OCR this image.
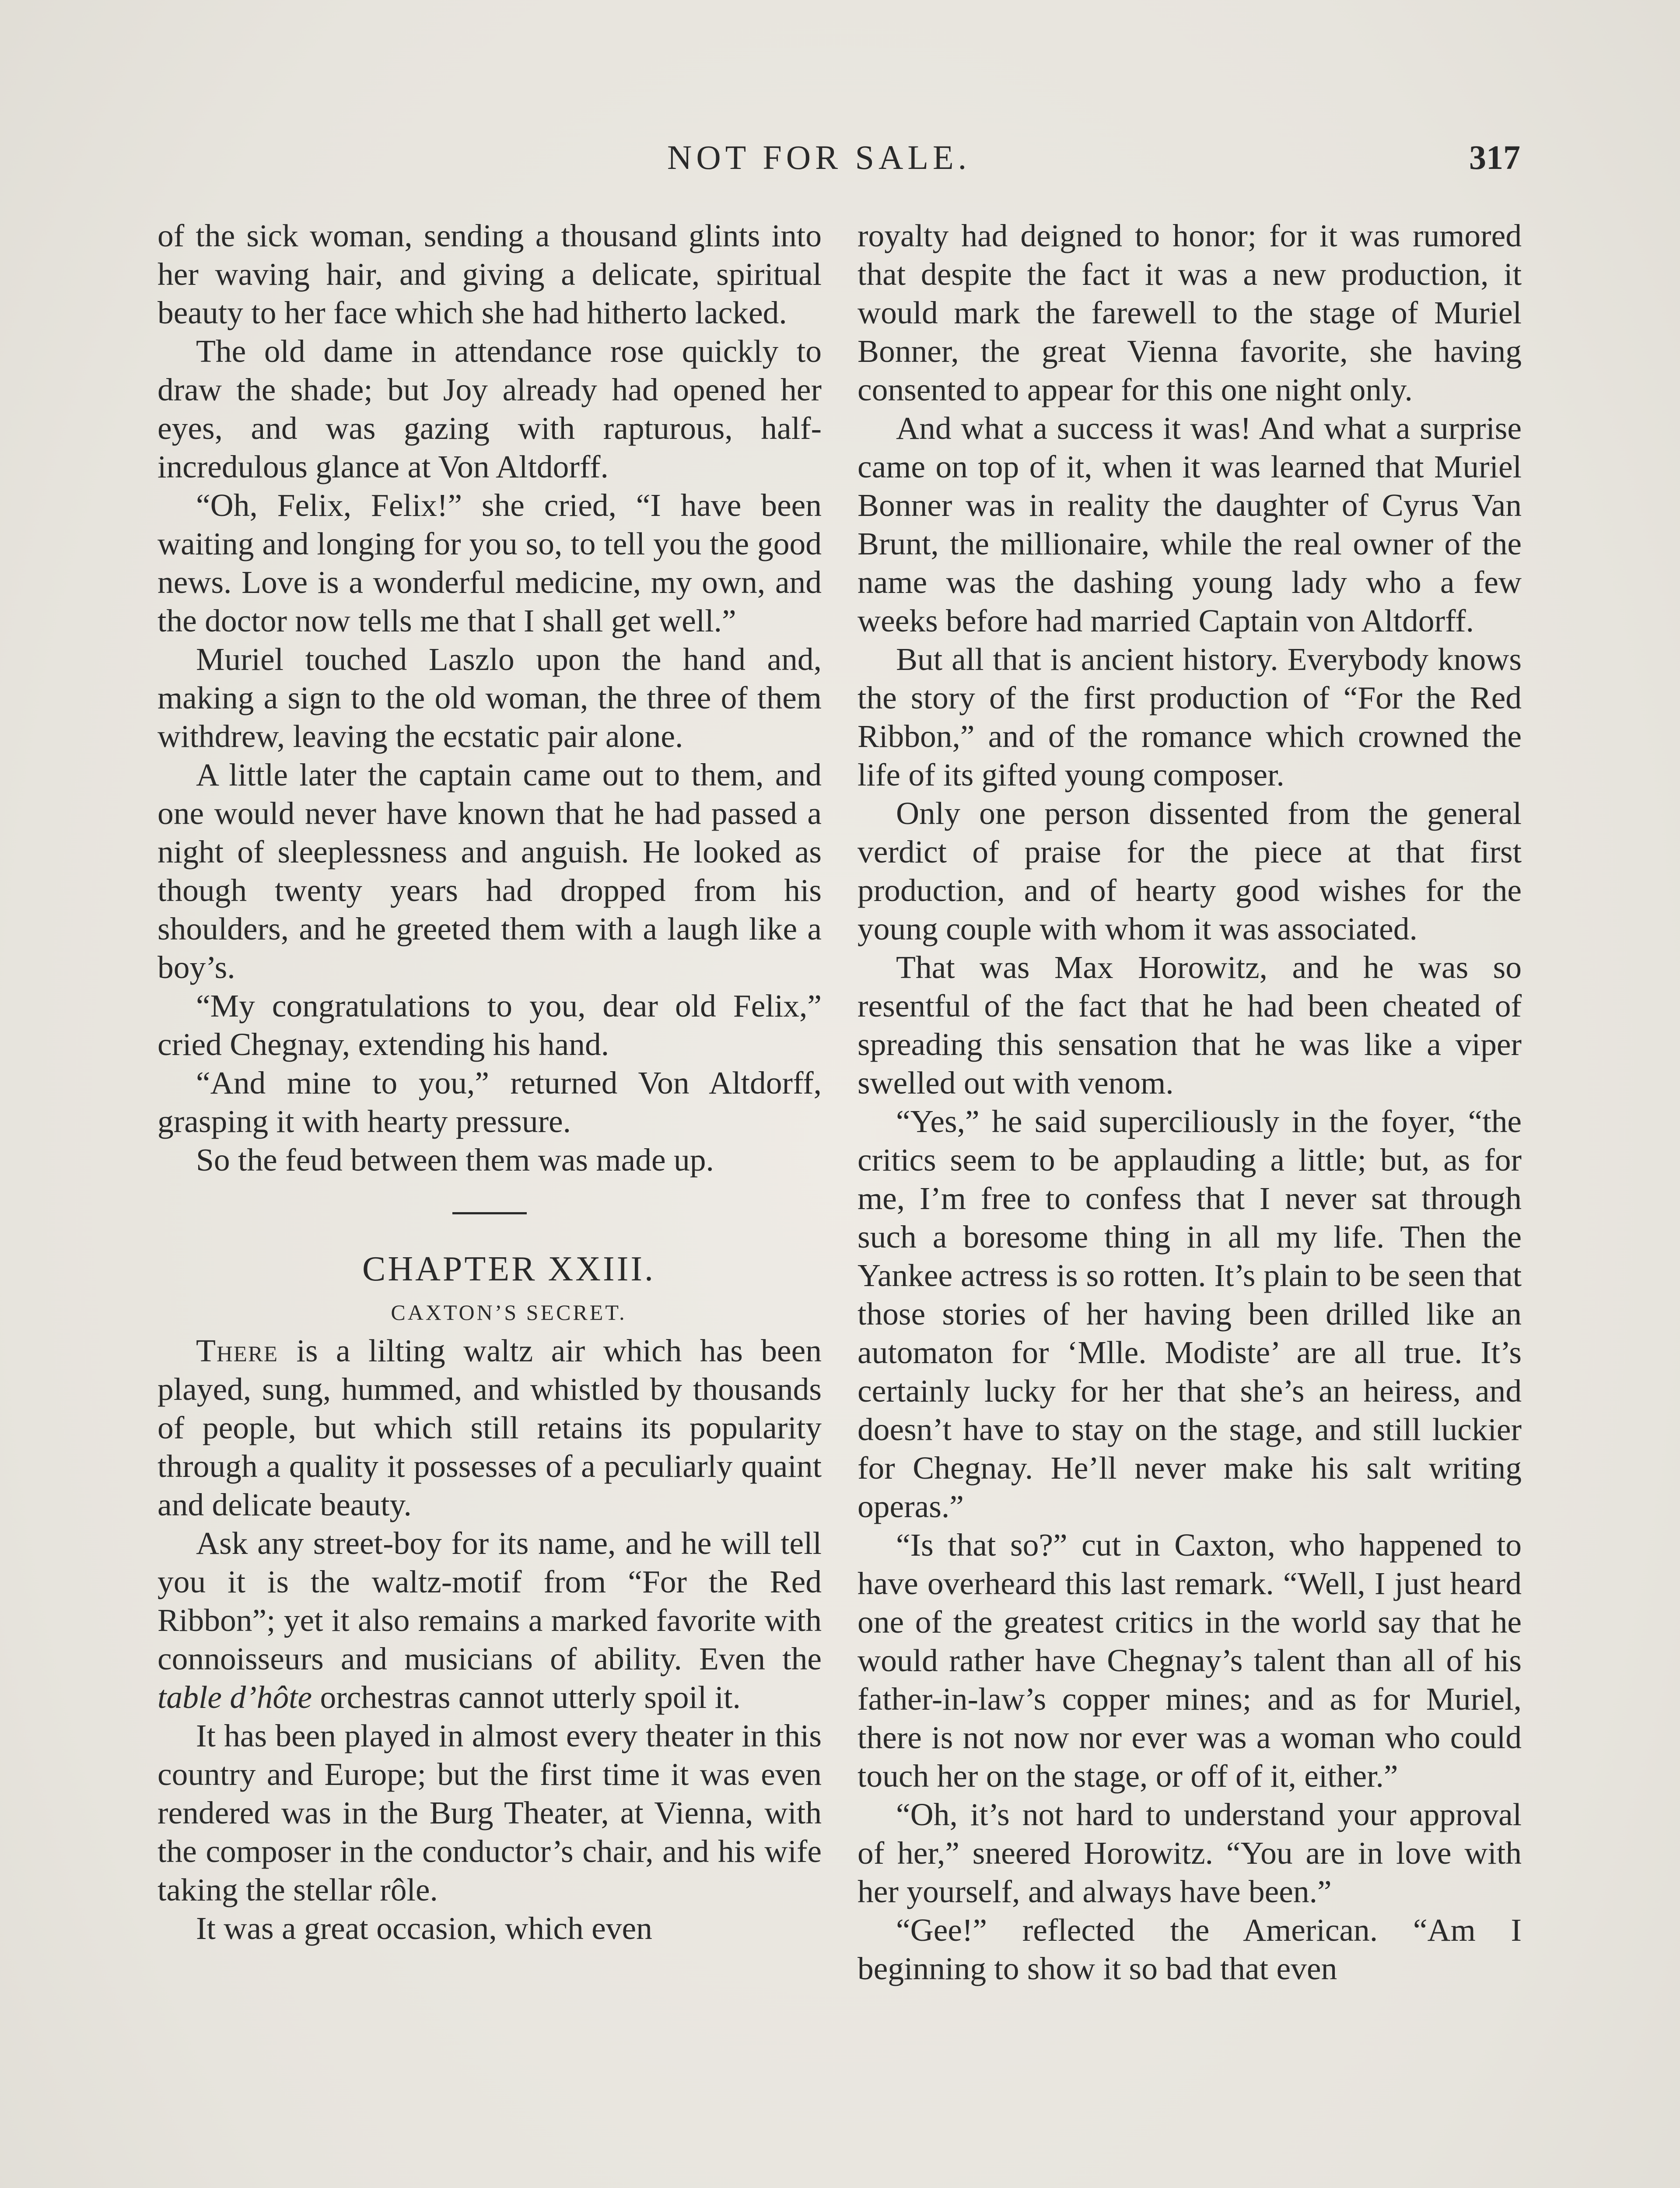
NOT FOR SALE.	317

of the sick woman, sending a thousand glints into her waving hair, and giving a delicate, spiritual beauty to her face which she had hitherto lacked.

The old dame in attendance rose quickly to draw the shade; but Joy already had opened her eyes, and was gazing with rapturous, half-incredulous glance at Von Altdorff.

“Oh, Felix, Felix!” she cried, “I have been waiting and longing for you so, to tell you the good news. Love is a wonderful medicine, my own, and the doctor now tells me that I shall get well.”

Muriel touched Laszlo upon the hand and, making a sign to the old woman, the three of them withdrew, leaving the ecstatic pair alone.

A little later the captain came out to them, and one would never have known that he had passed a night of sleeplessness and anguish. He looked as though twenty years had dropped from his shoulders, and he greeted them with a laugh like a boy’s.

“My congratulations to you, dear old Felix,” cried Chegnay, extending his hand.

“And mine to you,” returned Von Altdorff, grasping it with hearty pressure.

So the feud between them was made up.

CHAPTER XXIII.

CAXTON’S SECRET.

There is a lilting waltz air which has been played, sung, hummed, and whistled by thousands of people, but which still retains its popularity through a quality it possesses of a peculiarly quaint and delicate beauty.

Ask any street-boy for its name, and he will tell you it is the waltz-motif from “For the Red Ribbon”; yet it also remains a marked favorite with connoisseurs and musicians of ability. Even the table d’hôte orchestras cannot utterly spoil it.

It has been played in almost every theater in this country and Europe; but the first time it was even rendered was in the Burg Theater, at Vienna, with the composer in the conductor’s chair, and his wife taking the stellar rôle.

It was a great occasion, which even

royalty had deigned to honor; for it was rumored that despite the fact it was a new production, it would mark the farewell to the stage of Muriel Bonner, the great Vienna favorite, she having consented to appear for this one night only.

And what a success it was! And what a surprise came on top of it, when it was learned that Muriel Bonner was in reality the daughter of Cyrus Van Brunt, the millionaire, while the real owner of the name was the dashing young lady who a few weeks before had married Captain von Altdorff.

But all that is ancient history. Everybody knows the story of the first production of “For the Red Ribbon,” and of the romance which crowned the life of its gifted young composer.

Only one person dissented from the general verdict of praise for the piece at that first production, and of hearty good wishes for the young couple with whom it was associated.

That was Max Horowitz, and he was so resentful of the fact that he had been cheated of spreading this sensation that he was like a viper swelled out with venom.

“Yes,” he said superciliously in the foyer, “the critics seem to be applauding a little; but, as for me, I’m free to confess that I never sat through such a boresome thing in all my life. Then the Yankee actress is so rotten. It’s plain to be seen that those stories of her having been drilled like an automaton for ‘Mlle. Modiste’ are all true. It’s certainly lucky for her that she’s an heiress, and doesn’t have to stay on the stage, and still luckier for Chegnay. He’ll never make his salt writing operas.”

“Is that so?” cut in Caxton, who happened to have overheard this last remark. “Well, I just heard one of the greatest critics in the world say that he would rather have Chegnay’s talent than all of his father-in-law’s copper mines; and as for Muriel, there is not now nor ever was a woman who could touch her on the stage, or off of it, either.”

“Oh, it’s not hard to understand your approval of her,” sneered Horowitz. “You are in love with her yourself, and always have been.”

“Gee!” reflected the American. “Am I beginning to show it so bad that even
